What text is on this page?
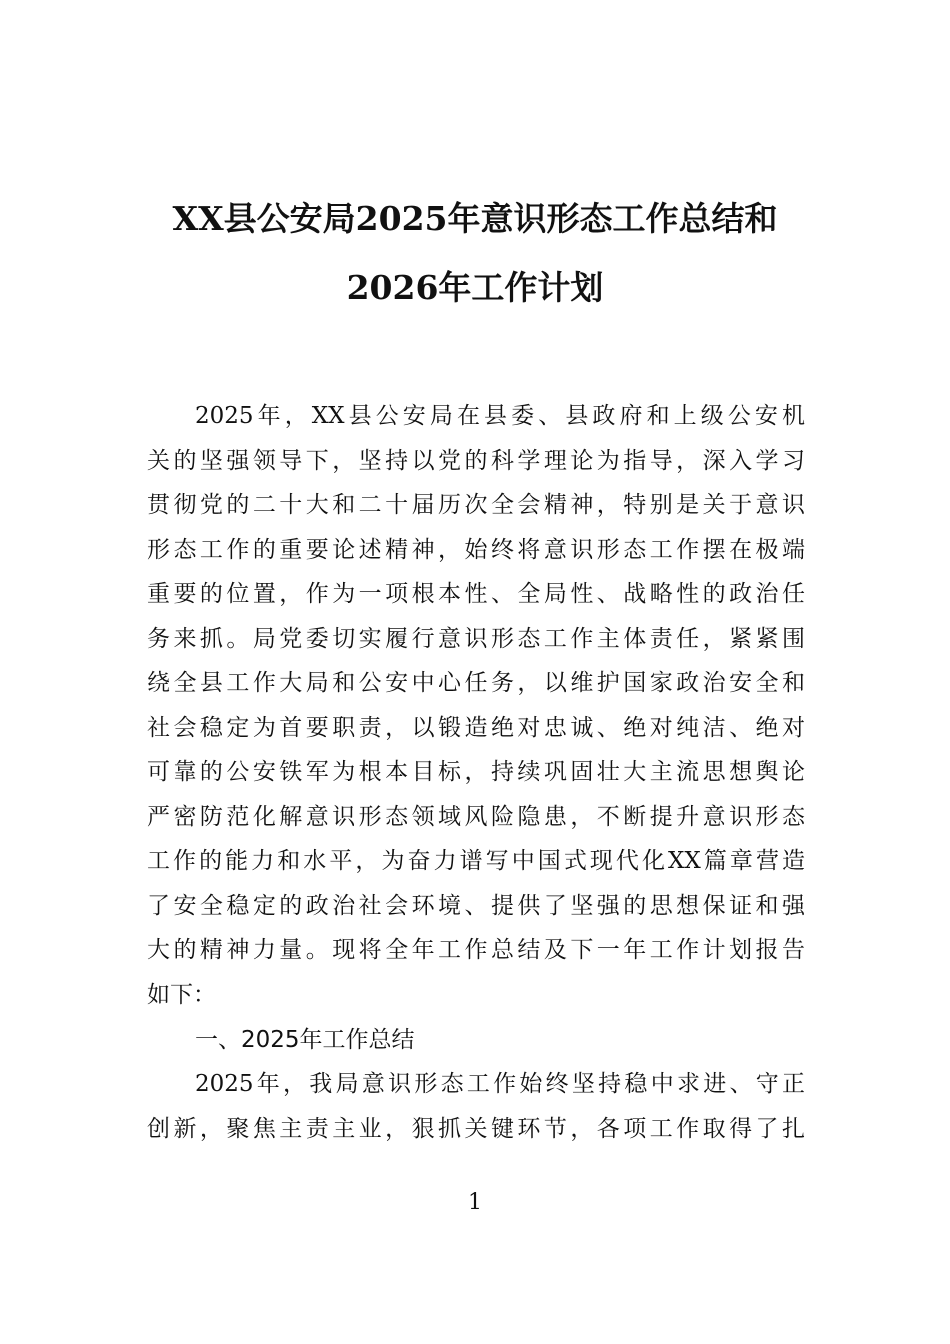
XX县公安局2025年意识形态工作总结和
2026年工作计划
2025年，XX县公安局在县委、县政府和上级公安机
关的坚强领导下，坚持以党的科学理论为指导，深入学习
贯彻党的二十大和二十届历次全会精神，特别是关于意识
形态工作的重要论述精神，始终将意识形态工作摆在极端
重要的位置，作为一项根本性、全局性、战略性的政治任
务来抓。局党委切实履行意识形态工作主体责任，紧紧围
绕全县工作大局和公安中心任务，以维护国家政治安全和
社会稳定为首要职责，以锻造绝对忠诚、绝对纯洁、绝对
可靠的公安铁军为根本目标，持续巩固壮大主流思想舆论
严密防范化解意识形态领域风险隐患，不断提升意识形态
工作的能力和水平，为奋力谱写中国式现代化XX篇章营造
了安全稳定的政治社会环境、提供了坚强的思想保证和强
大的精神力量。现将全年工作总结及下一年工作计划报告
如下：
一、2025年工作总结
2025年，我局意识形态工作始终坚持稳中求进、守正
创新，聚焦主责主业，狠抓关键环节，各项工作取得了扎
1
